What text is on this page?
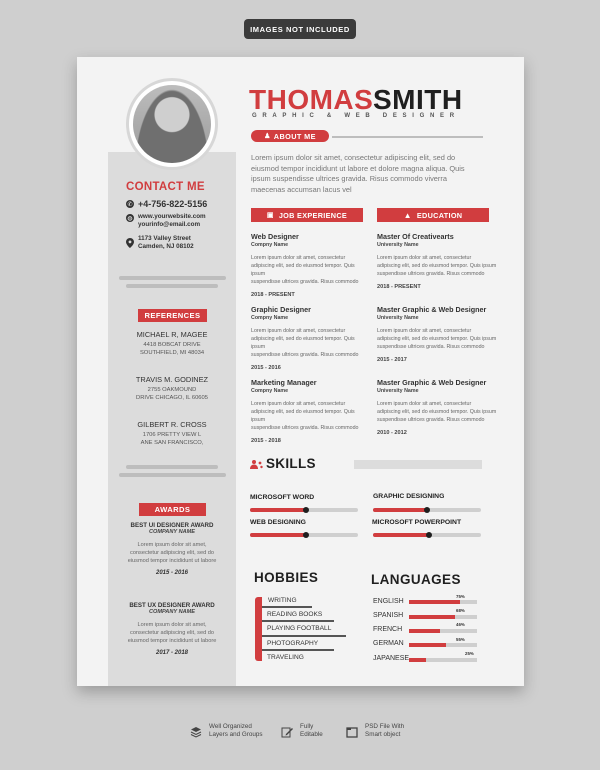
IMAGES NOT INCLUDED
CONTACT ME
✆ +4-756-822-5156
◍ www.yourwebsite.com
yourinfo@email.com
1173 Valley Street
Camden, NJ 08102
REFERENCES
MICHAEL R, MAGEE
4418 BOBCAT DRIVE
SOUTHFIELD, MI 48034
TRAVIS M. GODINEZ
2755 OAKMOUND
DRIVE CHICAGO, IL 60605
GILBERT R. CROSS
1706 PRETTY VIEW L
ANE SAN FRANCISCO,
AWARDS
BEST UI DESIGNER AWARD
COMPANY NAME
Lorem ipsum dolor sit amet,
consectetur adipiscing elit, sed do
eiusmod tempor incididunt ut labore
2015 - 2016
BEST UX DESIGNER AWARD
COMPANY NAME
Lorem ipsum dolor sit amet,
consectetur adipiscing elit, sed do
eiusmod tempor incididunt ut labore
2017 - 2018
THOMAS SMITH
GRAPHIC & WEB DESIGNER
♟ ABOUT ME
Lorem ipsum dolor sit amet, consectetur adipiscing elit, sed do eiusmod tempor incididunt ut labore et dolore magna aliqua. Quis ipsum suspendisse ultrices gravida. Risus commodo viverra maecenas accumsan lacus vel
▣ JOB EXPERIENCE	▲ EDUCATION
Web Designer
Compny Name
Lorem ipsum dolor sit amet, consectetur
adipiscing elit, sed do eiusmod tempor. Quis ipsum
suspendisse ultrices gravida. Risus commodo
2018 - PRESENT
Graphic Designer
Compny Name
Lorem ipsum dolor sit amet, consectetur
adipiscing elit, sed do eiusmod tempor. Quis ipsum
suspendisse ultrices gravida. Risus commodo
2015 - 2016
Marketing Manager
Compny Name
Lorem ipsum dolor sit amet, consectetur
adipiscing elit, sed do eiusmod tempor. Quis ipsum
suspendisse ultrices gravida. Risus commodo
2015 - 2018
Master Of Creativearts
University Name
Lorem ipsum dolor sit amet, consectetur
adipiscing elit, sed do eiusmod tempor. Quis ipsum
suspendisse ultrices gravida. Risus commodo
2018 - PRESENT
Master Graphic & Web Designer
University Name
Lorem ipsum dolor sit amet, consectetur
adipiscing elit, sed do eiusmod tempor. Quis ipsum
suspendisse ultrices gravida. Risus commodo
2015 - 2017
Master Graphic & Web Designer
University Name
Lorem ipsum dolor sit amet, consectetur
adipiscing elit, sed do eiusmod tempor. Quis ipsum
suspendisse ultrices gravida. Risus commodo
2010 - 2012
SKILLS
MICROSOFT WORD	GRAPHIC DESIGNING
WEB DESIGNING	MICROSOFT POWERPOINT
HOBBIES
WRITING
READING BOOKS
PLAYING FOOTBALL
PHOTOGRAPHY
TRAVELING
LANGUAGES
ENGLISH
75%
SPANISH
68%
FRENCH
46%
GERMAN
55%
JAPANESE
25%
Well Organized
Layers and Groups
Fully
Editable
PSD File With
Smart object
